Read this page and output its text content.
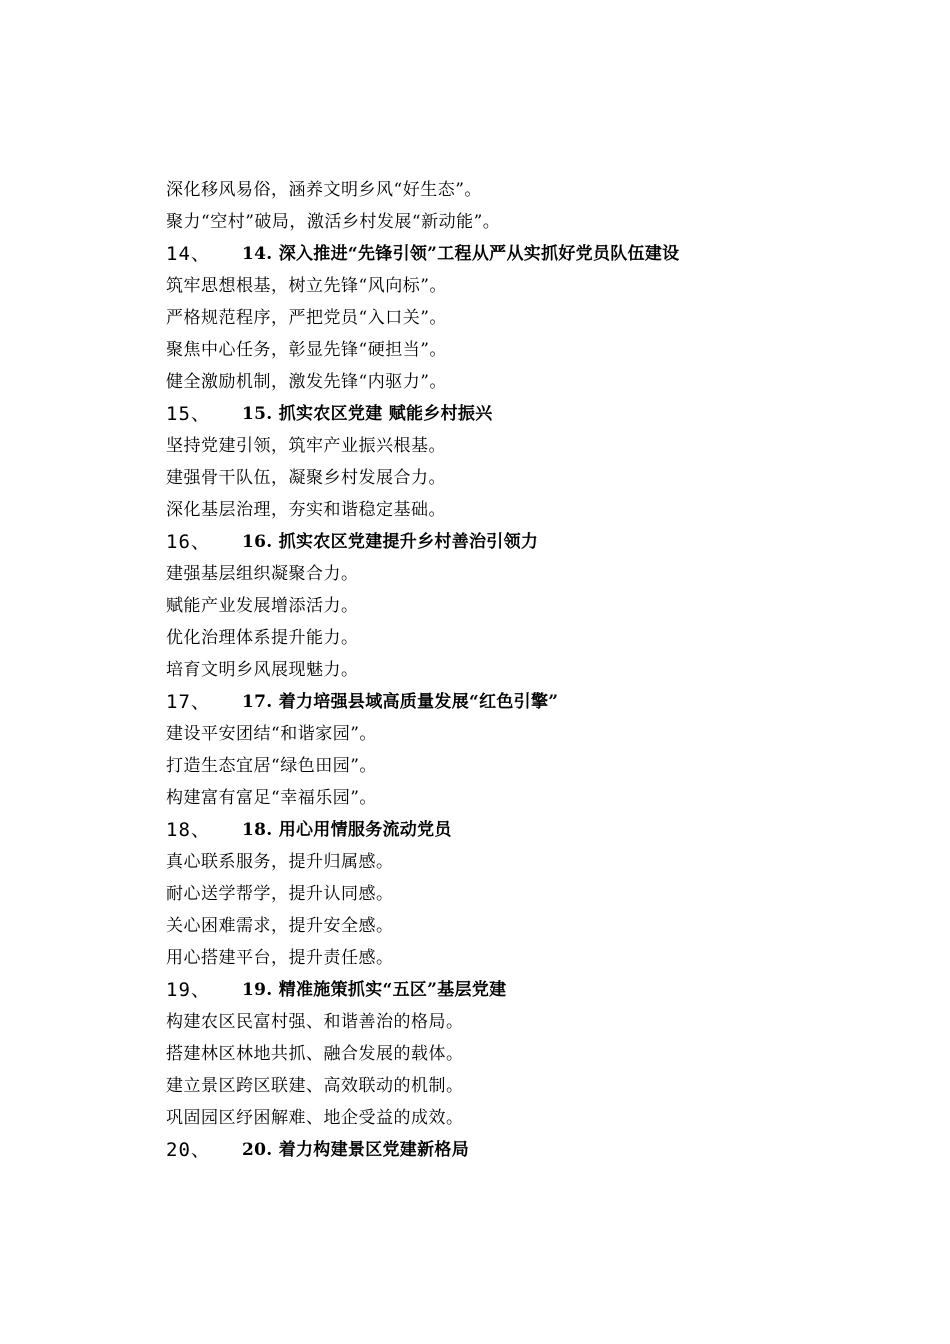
深化移风易俗，涵养文明乡风“好生态”。
聚力“空村”破局，激活乡村发展“新动能”。
14、	14. 深入推进“先锋引领”工程从严从实抓好党员队伍建设
筑牢思想根基，树立先锋“风向标”。
严格规范程序，严把党员“入口关”。
聚焦中心任务，彰显先锋“硬担当”。
健全激励机制，激发先锋“内驱力”。
15、	15. 抓实农区党建 赋能乡村振兴
坚持党建引领，筑牢产业振兴根基。
建强骨干队伍，凝聚乡村发展合力。
深化基层治理，夯实和谐稳定基础。
16、	16. 抓实农区党建提升乡村善治引领力
建强基层组织凝聚合力。
赋能产业发展增添活力。
优化治理体系提升能力。
培育文明乡风展现魅力。
17、	17. 着力培强县域高质量发展“红色引擎”
建设平安团结“和谐家园”。
打造生态宜居“绿色田园”。
构建富有富足“幸福乐园”。
18、	18. 用心用情服务流动党员
真心联系服务，提升归属感。
耐心送学帮学，提升认同感。
关心困难需求，提升安全感。
用心搭建平台，提升责任感。
19、	19. 精准施策抓实“五区”基层党建
构建农区民富村强、和谐善治的格局。
搭建林区林地共抓、融合发展的载体。
建立景区跨区联建、高效联动的机制。
巩固园区纾困解难、地企受益的成效。
20、	20. 着力构建景区党建新格局
